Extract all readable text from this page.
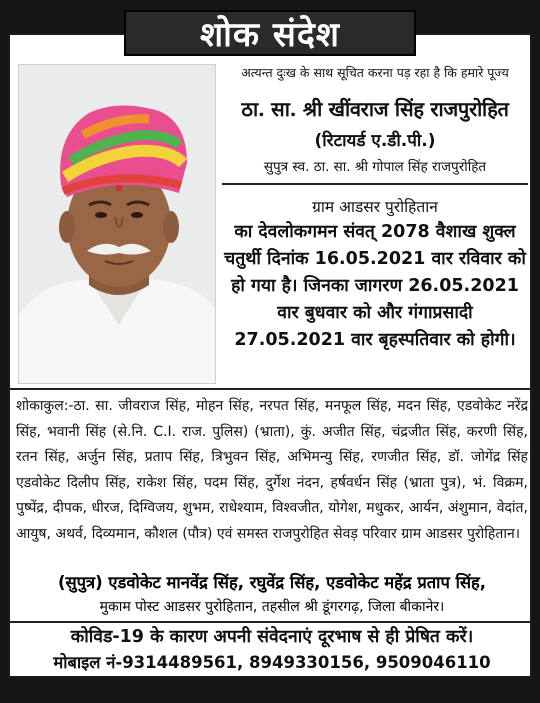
शोक संदेश
अत्यन्त दुःख के साथ सूचित करना पड़ रहा है कि हमारे पूज्य
ठा. सा. श्री खींवराज सिंह राजपुरोहित
(रिटायर्ड ए.डी.पी.)
सुपुत्र स्व. ठा. सा. श्री गोपाल सिंह राजपुरोहित
ग्राम आडसर पुरोहितान
का देवलोकगमन संवत् 2078 वैशाख शुक्ल
चतुर्थी दिनांक 16.05.2021 वार रविवार को
हो गया है। जिनका जागरण 26.05.2021
वार बुधवार को और गंगाप्रसादी
27.05.2021 वार बृहस्पतिवार को होगी।
शोकाकुल:-ठा. सा. जीवराज सिंह, मोहन सिंह, नरपत सिंह, मनफूल सिंह, मदन सिंह, एडवोकेट नरेंद्र सिंह, भवानी सिंह (से.नि. C.I. राज. पुलिस) (भ्राता), कुं. अजीत सिंह, चंद्रजीत सिंह, करणी सिंह, रतन सिंह, अर्जुन सिंह, प्रताप सिंह, त्रिभुवन सिंह, अभिमन्यु सिंह, रणजीत सिंह, डॉ. जोगेंद्र सिंह एडवोकेट दिलीप सिंह, राकेश सिंह, पदम सिंह, दुर्गेश नंदन, हर्षवर्धन सिंह (भ्राता पुत्र), भं. विक्रम, पुष्पेंद्र, दीपक, धीरज, दिग्विजय, शुभम, राधेश्याम, विश्वजीत, योगेश, मधुकर, आर्यन, अंशुमान, वेदांत, आयुष, अथर्व, दिव्यमान, कौशल (पौत्र) एवं समस्त राजपुरोहित सेवड़ परिवार ग्राम आडसर पुरोहितान।
(सुपुत्र) एडवोकेट मानवेंद्र सिंह, रघुवेंद्र सिंह, एडवोकेट महेंद्र प्रताप सिंह,
मुकाम पोस्ट आडसर पुरोहितान, तहसील श्री डूंगरगढ़, जिला बीकानेर।
कोविड-19 के कारण अपनी संवेदनाएं दूरभाष से ही प्रेषित करें।
मोबाइल नं-9314489561, 8949330156, 9509046110
